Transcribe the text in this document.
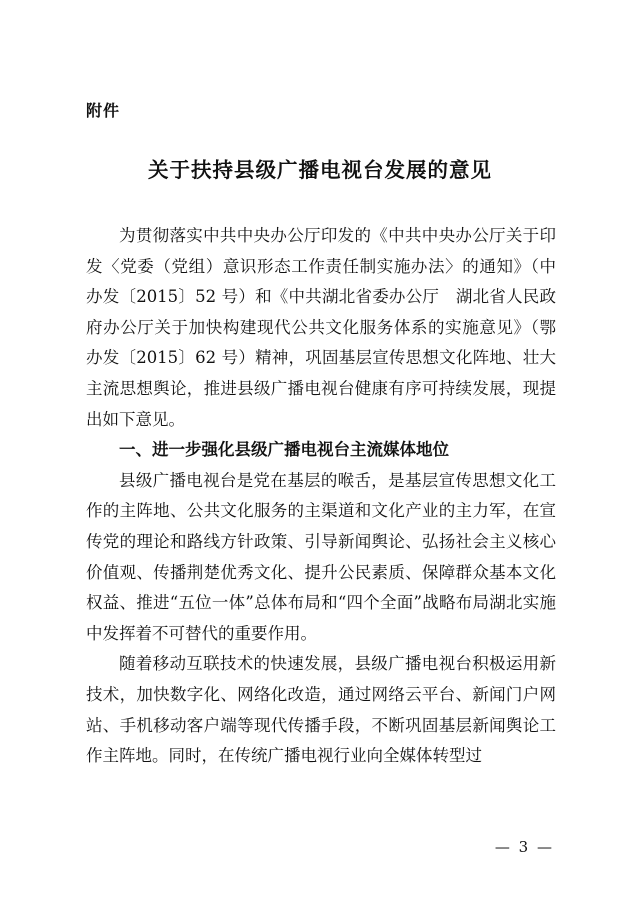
附件
关于扶持县级广播电视台发展的意见

为贯彻落实中共中央办公厅印发的《中共中央办公厅关于印发〈党委（党组）意识形态工作责任制实施办法〉的通知》（中办发〔2015〕52 号）和《中共湖北省委办公厅　湖北省人民政府办公厅关于加快构建现代公共文化服务体系的实施意见》（鄂办发〔2015〕62 号）精神，巩固基层宣传思想文化阵地、壮大主流思想舆论，推进县级广播电视台健康有序可持续发展，现提出如下意见。

一、进一步强化县级广播电视台主流媒体地位

县级广播电视台是党在基层的喉舌，是基层宣传思想文化工作的主阵地、公共文化服务的主渠道和文化产业的主力军，在宣传党的理论和路线方针政策、引导新闻舆论、弘扬社会主义核心价值观、传播荆楚优秀文化、提升公民素质、保障群众基本文化权益、推进“五位一体”总体布局和“四个全面”战略布局湖北实施中发挥着不可替代的重要作用。

随着移动互联技术的快速发展，县级广播电视台积极运用新技术，加快数字化、网络化改造，通过网络云平台、新闻门户网站、手机移动客户端等现代传播手段，不断巩固基层新闻舆论工作主阵地。同时，在传统广播电视行业向全媒体转型过

— 3 —
